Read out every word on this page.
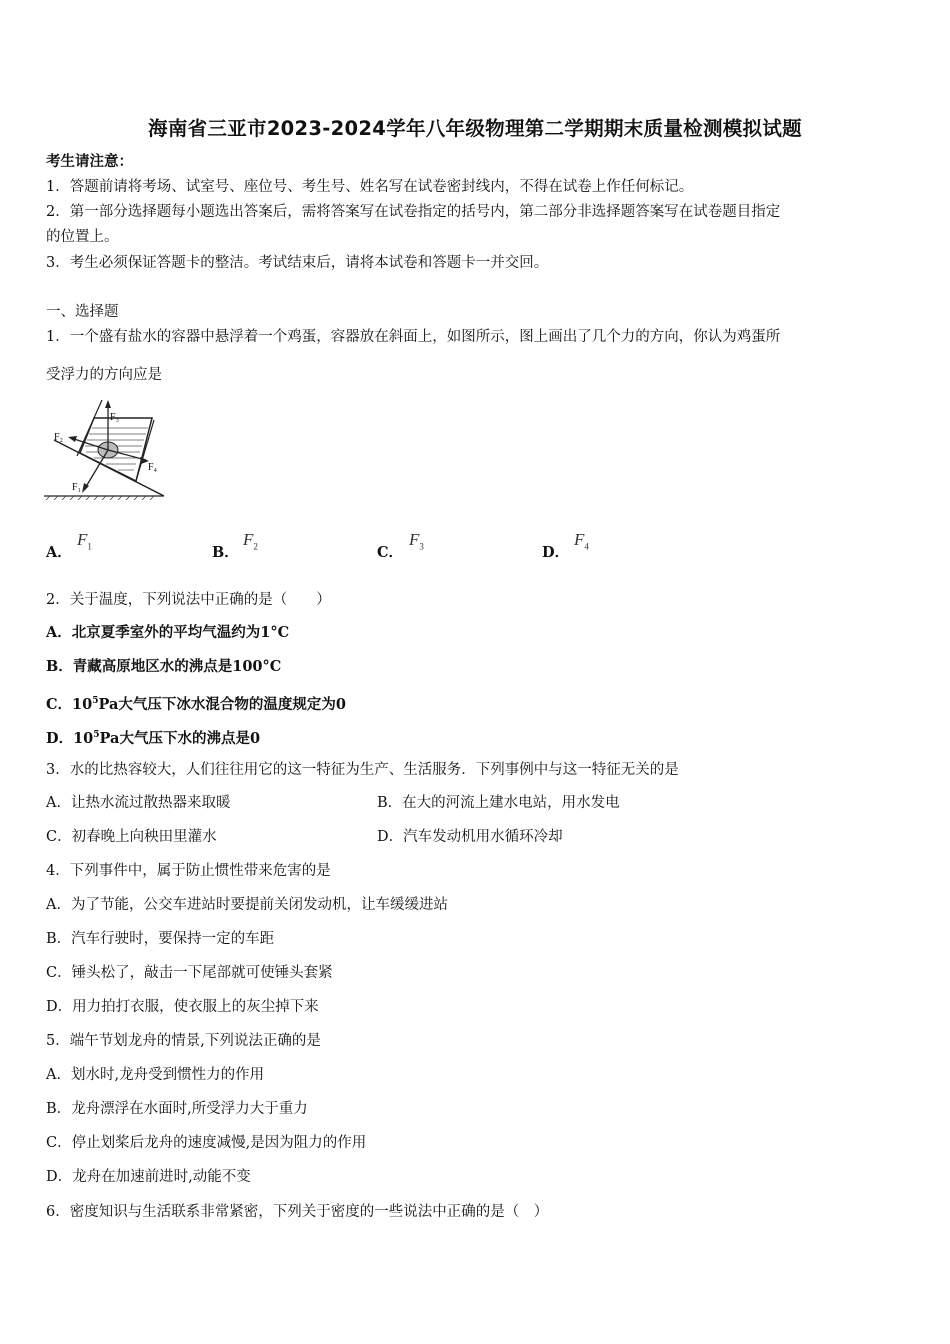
海南省三亚市2023-2024学年八年级物理第二学期期末质量检测模拟试题
考生请注意：
1．答题前请将考场、试室号、座位号、考生号、姓名写在试卷密封线内，不得在试卷上作任何标记。
2．第一部分选择题每小题选出答案后，需将答案写在试卷指定的括号内，第二部分非选择题答案写在试卷题目指定
的位置上。
3．考生必须保证答题卡的整洁。考试结束后，请将本试卷和答题卡一并交回。
一、选择题
1．一个盛有盐水的容器中悬浮着一个鸡蛋，容器放在斜面上，如图所示，图上画出了几个力的方向，你认为鸡蛋所
受浮力的方向应是
F₃
F₂
F₄
F₁
A．
$F_1$	B．
$F_2$	C．
$F_3$	D．
$F_4$
2．关于温度，下列说法中正确的是（　　）
A．北京夏季室外的平均气温约为1°C
B．青藏高原地区水的沸点是100°C
C．$10^5Pa$大气压下冰水混合物的温度规定为0
D．$10^5Pa$大气压下水的沸点是0
3．水的比热容较大，人们往往用它的这一特征为生产、生活服务．下列事例中与这一特征无关的是
A．让热水流过散热器来取暖	B．在大的河流上建水电站，用水发电
C．初春晚上向秧田里灌水	D．汽车发动机用水循环冷却
4．下列事件中，属于防止惯性带来危害的是
A．为了节能，公交车进站时要提前关闭发动机，让车缓缓进站
B．汽车行驶时，要保持一定的车距
C．锤头松了，敲击一下尾部就可使锤头套紧
D．用力拍打衣服，使衣服上的灰尘掉下来
5．端午节划龙舟的情景,下列说法正确的是
A．划水时,龙舟受到惯性力的作用
B．龙舟漂浮在水面时,所受浮力大于重力
C．停止划桨后龙舟的速度减慢,是因为阻力的作用
D．龙舟在加速前进时,动能不变
6．密度知识与生活联系非常紧密，下列关于密度的一些说法中正确的是（　）
